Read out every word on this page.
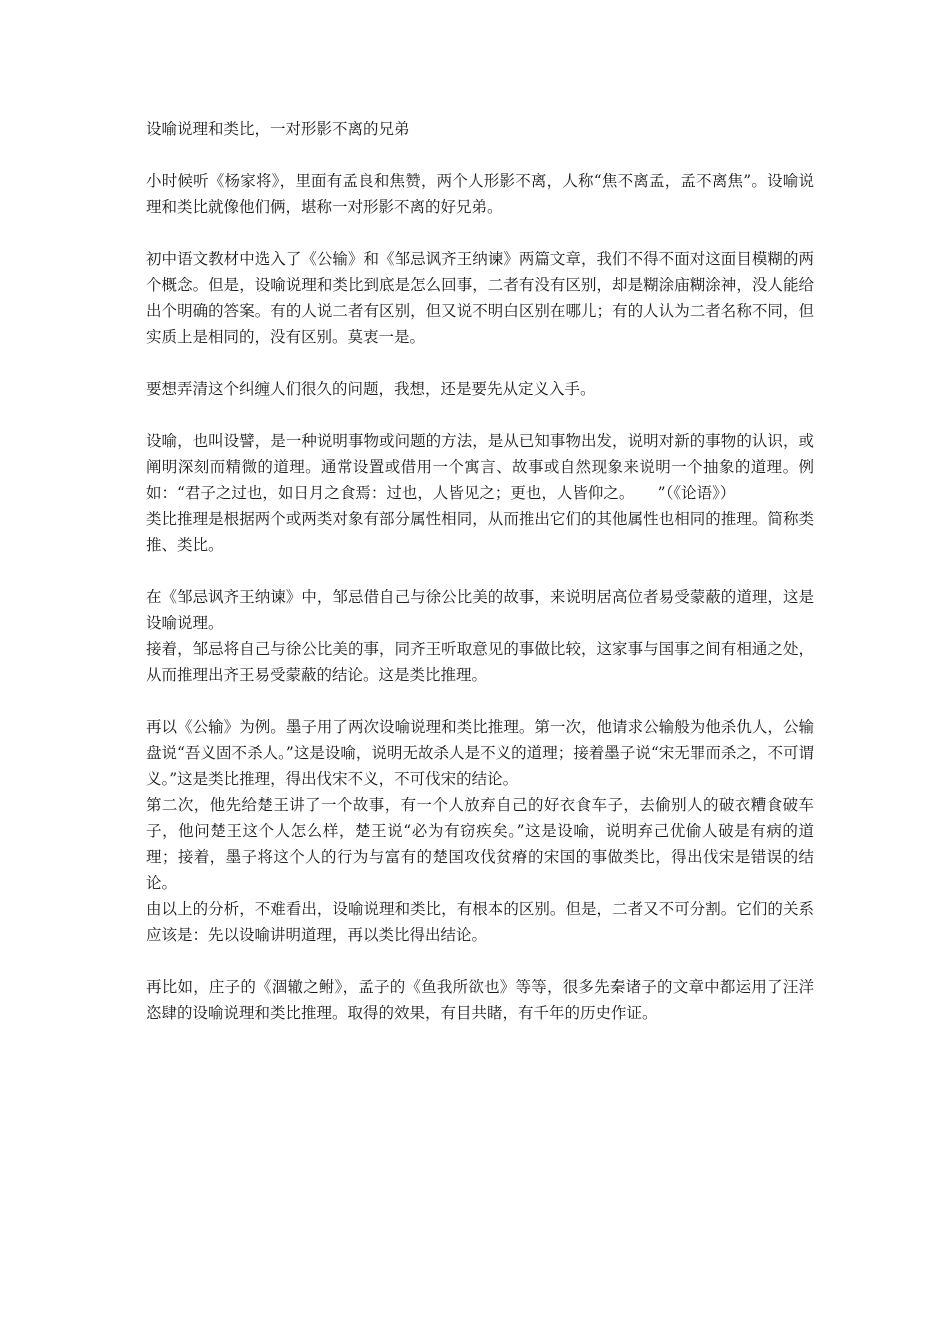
设喻说理和类比，一对形影不离的兄弟

小时候听《杨家将》，里面有孟良和焦赞，两个人形影不离，人称“焦不离孟，孟不离焦”。设喻说理和类比就像他们俩，堪称一对形影不离的好兄弟。

初中语文教材中选入了《公输》和《邹忌讽齐王纳谏》两篇文章，我们不得不面对这面目模糊的两个概念。但是，设喻说理和类比到底是怎么回事，二者有没有区别，却是糊涂庙糊涂神，没人能给出个明确的答案。有的人说二者有区别，但又说不明白区别在哪儿；有的人认为二者名称不同，但实质上是相同的，没有区别。莫衷一是。

要想弄清这个纠缠人们很久的问题，我想，还是要先从定义入手。

设喻，也叫设譬，是一种说明事物或问题的方法，是从已知事物出发，说明对新的事物的认识，或阐明深刻而精微的道理。通常设置或借用一个寓言、故事或自然现象来说明一个抽象的道理。例如：“君子之过也，如日月之食焉：过也，人皆见之；更也，人皆仰之。　　”（《论语》）

类比推理是根据两个或两类对象有部分属性相同，从而推出它们的其他属性也相同的推理。简称类推、类比。

在《邹忌讽齐王纳谏》中，邹忌借自己与徐公比美的故事，来说明居高位者易受蒙蔽的道理，这是设喻说理。

接着，邹忌将自己与徐公比美的事，同齐王听取意见的事做比较，这家事与国事之间有相通之处，从而推理出齐王易受蒙蔽的结论。这是类比推理。

再以《公输》为例。墨子用了两次设喻说理和类比推理。第一次，他请求公输般为他杀仇人，公输盘说“吾义固不杀人。”这是设喻，说明无故杀人是不义的道理；接着墨子说“宋无罪而杀之，不可谓义。”这是类比推理，得出伐宋不义，不可伐宋的结论。

第二次，他先给楚王讲了一个故事，有一个人放弃自己的好衣食车子，去偷别人的破衣糟食破车子，他问楚王这个人怎么样，楚王说“必为有窃疾矣。”这是设喻，说明弃己优偷人破是有病的道理；接着，墨子将这个人的行为与富有的楚国攻伐贫瘠的宋国的事做类比，得出伐宋是错误的结论。

由以上的分析，不难看出，设喻说理和类比，有根本的区别。但是，二者又不可分割。它们的关系应该是：先以设喻讲明道理，再以类比得出结论。

再比如，庄子的《涸辙之鲋》，孟子的《鱼我所欲也》等等，很多先秦诸子的文章中都运用了汪洋恣肆的设喻说理和类比推理。取得的效果，有目共睹，有千年的历史作证。
